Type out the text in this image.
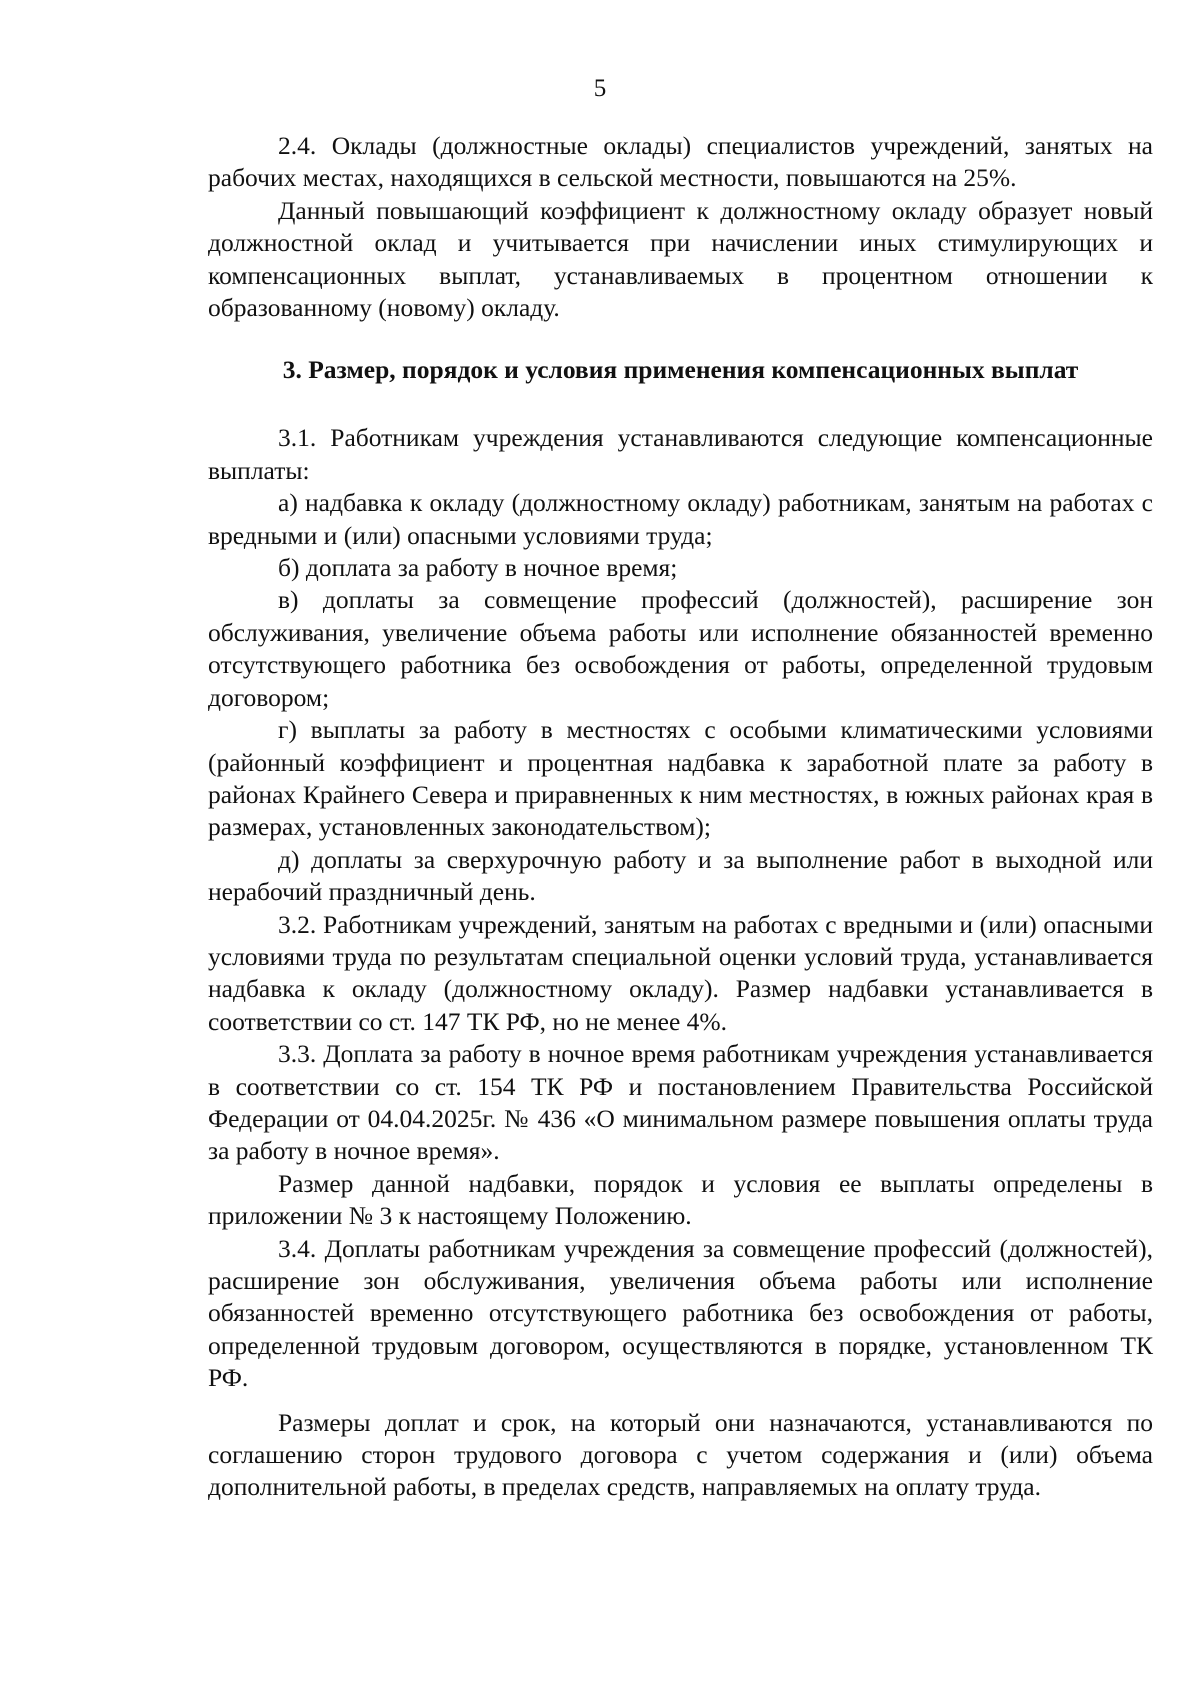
5

2.4. Оклады (должностные оклады) специалистов учреждений, занятых на рабочих местах, находящихся в сельской местности, повышаются на 25%.

Данный повышающий коэффициент к должностному окладу образует новый должностной оклад и учитывается при начислении иных стимулирующих и компенсационных выплат, устанавливаемых в процентном отношении к образованному (новому) окладу.

3. Размер, порядок и условия применения компенсационных выплат

3.1. Работникам учреждения устанавливаются следующие компенсационные выплаты:

а) надбавка к окладу (должностному окладу) работникам, занятым на работах с вредными и (или) опасными условиями труда;

б) доплата за работу в ночное время;

в) доплаты за совмещение профессий (должностей), расширение зон обслуживания, увеличение объема работы или исполнение обязанностей временно отсутствующего работника без освобождения от работы, определенной трудовым договором;

г) выплаты за работу в местностях с особыми климатическими условиями (районный коэффициент и процентная надбавка к заработной плате за работу в районах Крайнего Севера и приравненных к ним местностях, в южных районах края в размерах, установленных законодательством);

д) доплаты за сверхурочную работу и за выполнение работ в выходной или нерабочий праздничный день.

3.2. Работникам учреждений, занятым на работах с вредными и (или) опасными условиями труда по результатам специальной оценки условий труда, устанавливается надбавка к окладу (должностному окладу). Размер надбавки устанавливается в соответствии со ст. 147 ТК РФ, но не менее 4%.

3.3. Доплата за работу в ночное время работникам учреждения устанавливается в соответствии со ст. 154 ТК РФ и постановлением Правительства Российской Федерации от 04.04.2025г. № 436 «О минимальном размере повышения оплаты труда за работу в ночное время».

Размер данной надбавки, порядок и условия ее выплаты определены в приложении № 3 к настоящему Положению.

3.4. Доплаты работникам учреждения за совмещение профессий (должностей), расширение зон обслуживания, увеличения объема работы или исполнение обязанностей временно отсутствующего работника без освобождения от работы, определенной трудовым договором, осуществляются в порядке, установленном ТК РФ.

Размеры доплат и срок, на который они назначаются, устанавливаются по соглашению сторон трудового договора с учетом содержания и (или) объема дополнительной работы, в пределах средств, направляемых на оплату труда.
